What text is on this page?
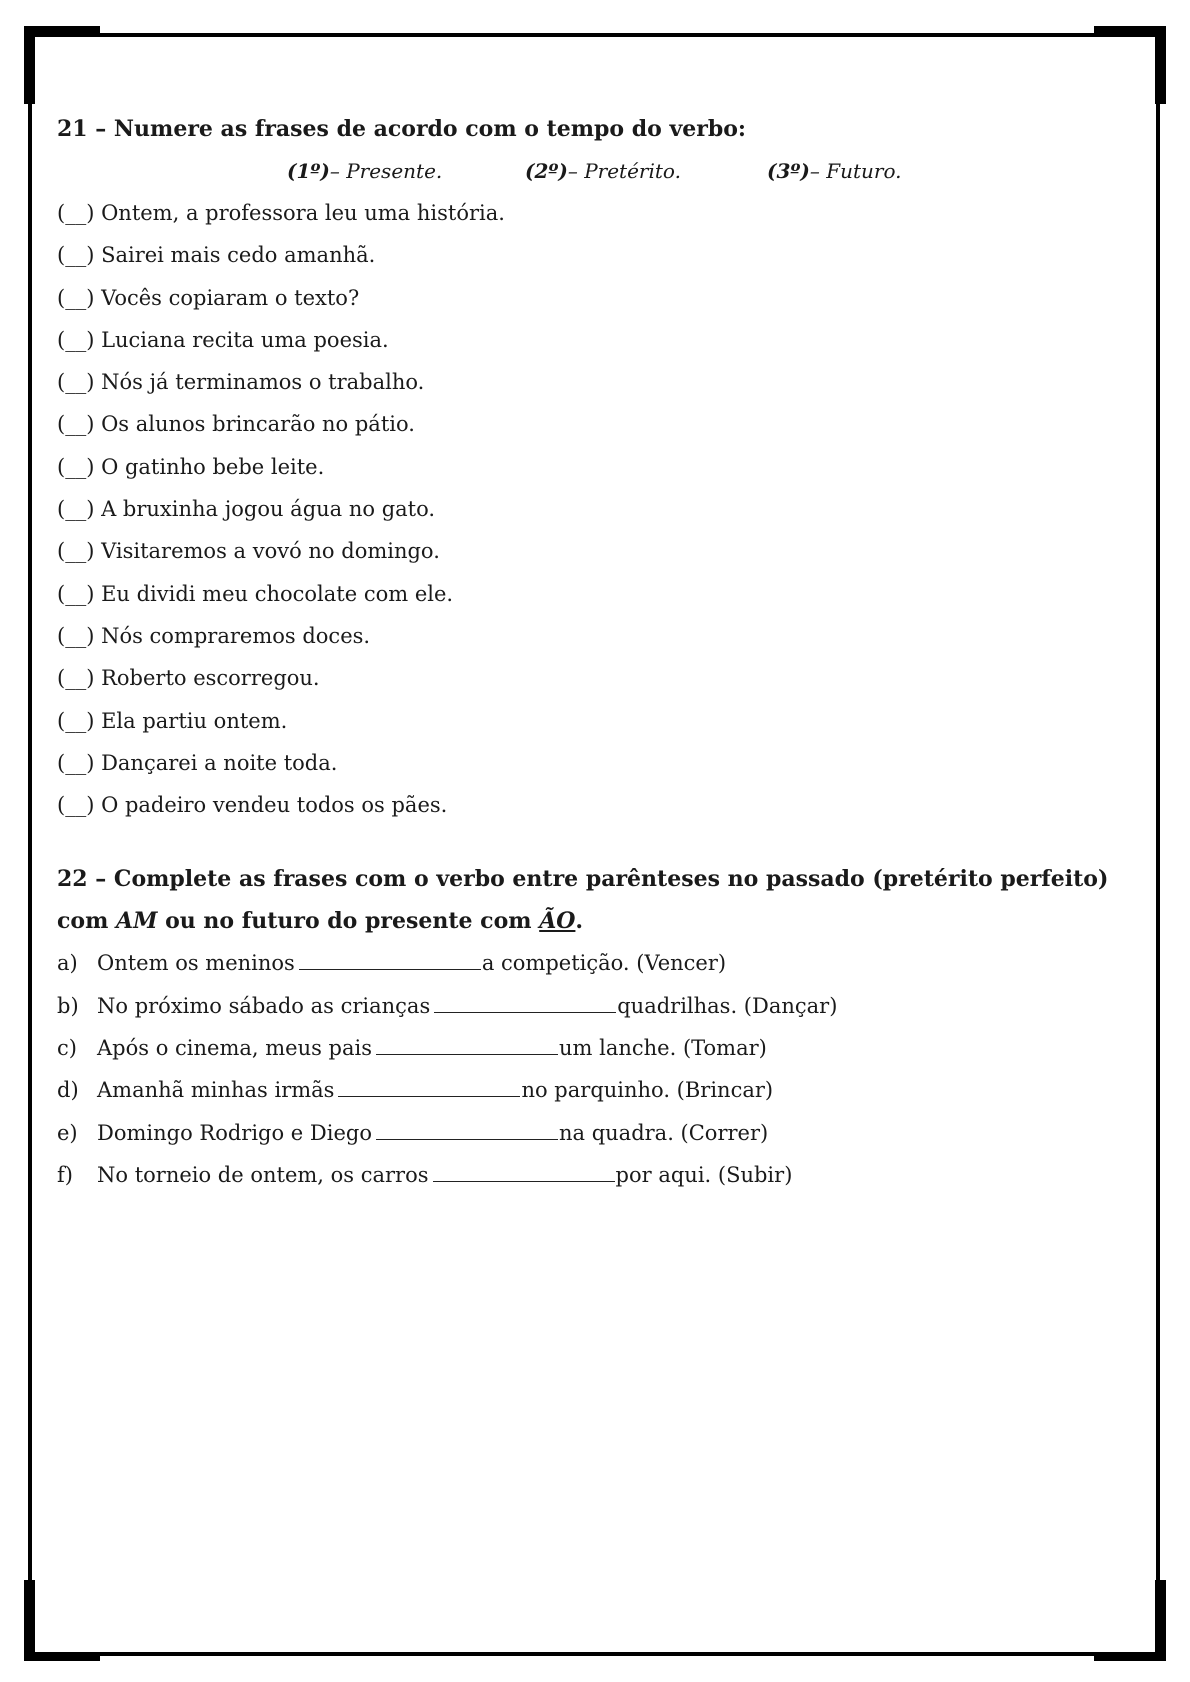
21 – Numere as frases de acordo com o tempo do verbo:

(1º)– Presente.	(2º)– Pretérito.	(3º)– Futuro.
(__) Ontem, a professora leu uma história.
(__) Sairei mais cedo amanhã.
(__) Vocês copiaram o texto?
(__) Luciana recita uma poesia.
(__) Nós já terminamos o trabalho.
(__) Os alunos brincarão no pátio.
(__) O gatinho bebe leite.
(__) A bruxinha jogou água no gato.
(__) Visitaremos a vovó no domingo.
(__) Eu dividi meu chocolate com ele.
(__) Nós compraremos doces.
(__) Roberto escorregou.
(__) Ela partiu ontem.
(__) Dançarei a noite toda.
(__) O padeiro vendeu todos os pães.

22 – Complete as frases com o verbo entre parênteses no passado (pretérito perfeito) com AM ou no futuro do presente com ÃO.

a) Ontem os meninos	a competição. (Vencer)
b) No próximo sábado as crianças	quadrilhas. (Dançar)
c) Após o cinema, meus pais	um lanche. (Tomar)
d) Amanhã minhas irmãs	no parquinho. (Brincar)
e) Domingo Rodrigo e Diego	na quadra. (Correr)
f) No torneio de ontem, os carros	por aqui. (Subir)
